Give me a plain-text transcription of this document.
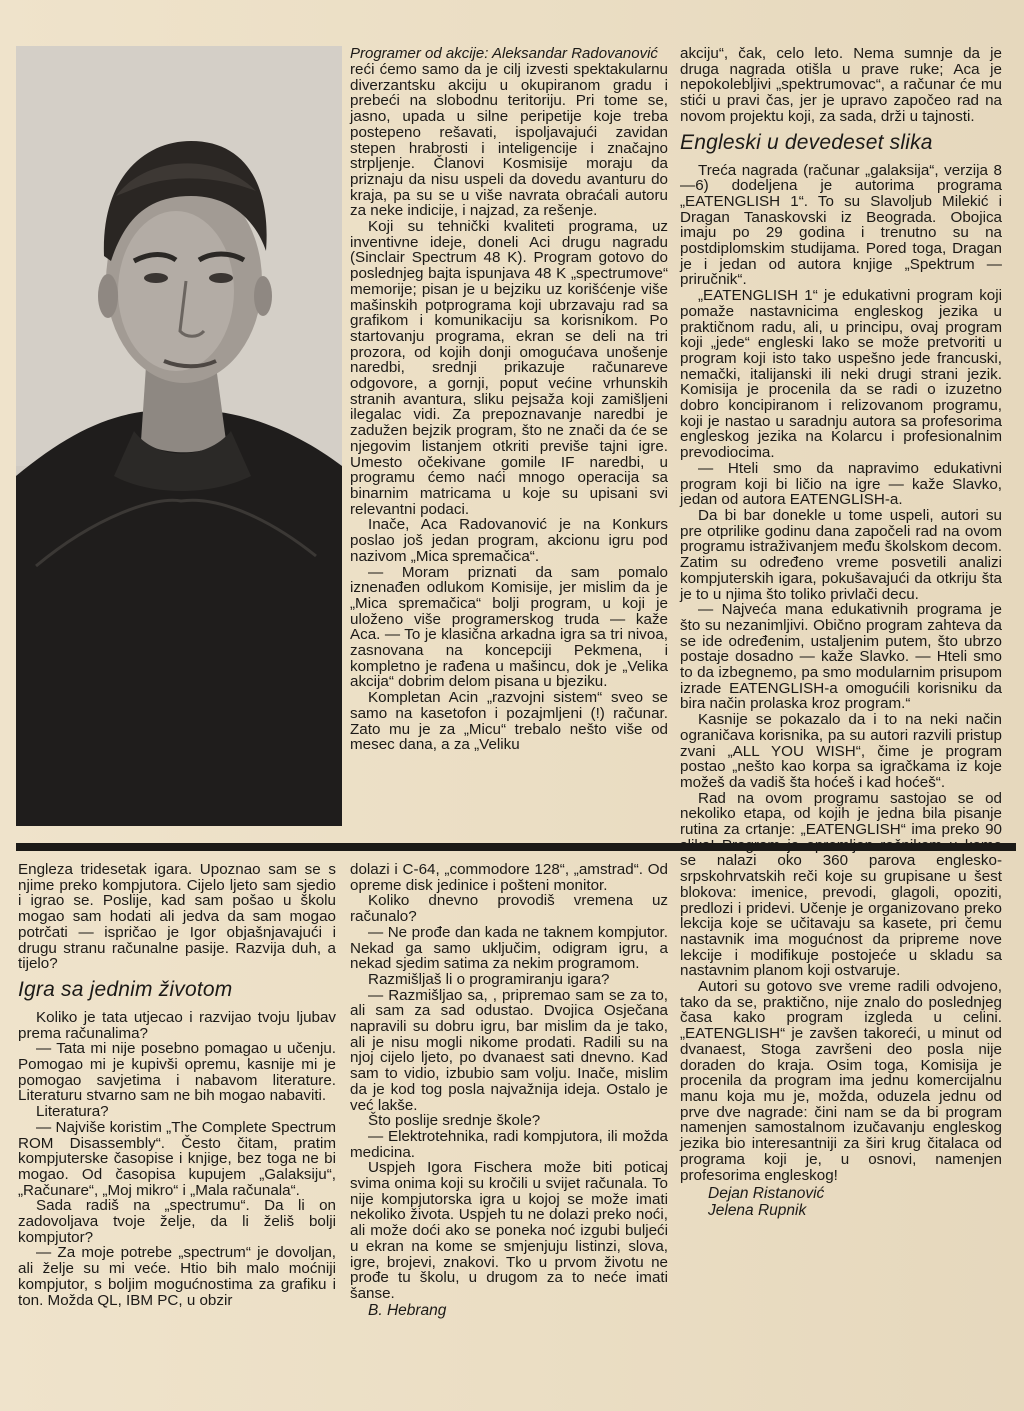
Programer od akcije: Aleksandar Radovanović

reći ćemo samo da je cilj izvesti spektakularnu diverzantsku akciju u okupiranom gradu i prebeći na slobodnu teritoriju. Pri tome se, jasno, upada u silne peripetije koje treba postepeno rešavati, ispoljavajući zavidan stepen hrabrosti i inteligencije i značajno strpljenje. Članovi Kosmisije moraju da priznaju da nisu uspeli da dovedu avanturu do kraja, pa su se u više navrata obraćali autoru za neke indicije, i najzad, za rešenje.

Koji su tehnički kvaliteti programa, uz inventivne ideje, doneli Aci drugu nagradu (Sinclair Spectrum 48 K). Program gotovo do poslednjeg bajta ispunjava 48 K „spectrumove“ memorije; pisan je u bejziku uz korišćenje više mašinskih potprograma koji ubrzavaju rad sa grafikom i komunikaciju sa korisnikom. Po startovanju programa, ekran se deli na tri prozora, od kojih donji omogućava unošenje naredbi, srednji prikazuje računareve odgovore, a gornji, poput većine vrhunskih stranih avantura, sliku pejsaža koji zamišljeni ilegalac vidi. Za prepoznavanje naredbi je zadužen bejzik program, što ne znači da će se njegovim listanjem otkriti previše tajni igre. Umesto očekivane gomile IF naredbi, u programu ćemo naći mnogo operacija sa binarnim matricama u koje su upisani svi relevantni podaci.

Inače, Aca Radovanović je na Konkurs poslao još jedan program, akcionu igru pod nazivom „Mica spremačica“.

— Moram priznati da sam pomalo iznenađen odlukom Komisije, jer mislim da je „Mica spremačica“ bolji program, u koji je uloženo više programerskog truda — kaže Aca. — To je klasična arkadna igra sa tri nivoa, zasnovana na koncepciji Pekmena, i kompletno je rađena u mašincu, dok je „Velika akcija“ dobrim delom pisana u bjeziku.

Kompletan Acin „razvojni sistem“ sveo se samo na kasetofon i pozajmljeni (!) računar. Zato mu je za „Micu“ trebalo nešto više od mesec dana, a za „Veliku

akciju“, čak, celo leto. Nema sumnje da je druga nagrada otišla u prave ruke; Aca je nepokolebljivi „spektrumovac“, a računar će mu stići u pravi čas, jer je upravo započeo rad na novom projektu koji, za sada, drži u tajnosti.

Engleski u devedeset slika

Treća nagrada (računar „galaksija“, verzija 8—6) dodeljena je autorima programa „EATENGLISH 1“. To su Slavoljub Milekić i Dragan Tanaskovski iz Beograda. Obojica imaju po 29 godina i trenutno su na postdiplomskim studijama. Pored toga, Dragan je i jedan od autora knjige „Spektrum — priručnik“.

„EATENGLISH 1“ je edukativni program koji pomaže nastavnicima engleskog jezika u praktičnom radu, ali, u principu, ovaj program koji „jede“ engleski lako se može pretvoriti u program koji isto tako uspešno jede francuski, nemački, italijanski ili neki drugi strani jezik. Komisija je procenila da se radi o izuzetno dobro koncipiranom i relizovanom programu, koji je nastao u saradnju autora sa profesorima engleskog jezika na Kolarcu i profesionalnim prevodiocima.

— Hteli smo da napravimo edukativni program koji bi ličio na igre — kaže Slavko, jedan od autora EATENGLISH-a.

Da bi bar donekle u tome uspeli, autori su pre otprilike godinu dana započeli rad na ovom programu istraživanjem među školskom decom. Zatim su određeno vreme posvetili analizi kompjuterskih igara, pokušavajući da otkriju šta je to u njima što toliko privlači decu.

— Najveća mana edukativnih programa je što su nezanimljivi. Obično program zahteva da se ide određenim, ustaljenim putem, što ubrzo postaje dosadno — kaže Slavko. — Hteli smo to da izbegnemo, pa smo modularnim prisupom izrade EATENGLISH-a omogućili korisniku da bira način prolaska kroz program.“

Kasnije se pokazalo da i to na neki način ograničava korisnika, pa su autori razvili pristup zvani „ALL YOU WISH“, čime je program postao „nešto kao korpa sa igračkama iz koje možeš da vadiš šta hoćeš i kad hoćeš“.

Rad na ovom programu sastojao se od nekoliko etapa, od kojih je jedna bila pisanje rutina za crtanje: „EATENGLISH“ ima preko 90 se nalazi oko 360 parova englesko-srpskohrvatskih reči koje su grupisane u šest blokova: imenice, prevodi, glagoli, opoziti, predlozi i pridevi. Učenje je organizovano preko lekcija koje se učitavaju sa kasete, pri čemu nastavnik ima mogućnost da pripreme nove lekcije i modifikuje postojeće u skladu sa nastavnim planom koji ostvaruje.

Autori su gotovo sve vreme radili odvojeno, tako da se, praktično, nije znalo do poslednjeg časa kako program izgleda u celini. „EATENGLISH“ je zavšen takoreći, u minut od dvanaest, Stoga završeni deo posla nije doraden do kraja. Osim toga, Komisija je procenila da program ima jednu komercijalnu manu koja mu je, možda, oduzela jednu od prve dve nagrade: čini nam se da bi program namenjen samostalnom izučavanju engleskog jezika bio interesantniji za širi krug čitalaca od programa koji je, u osnovi, namenjen profesorima engleskog!

Dejan Ristanović

Jelena Rupnik

Engleza tridesetak igara. Upoznao sam se s njime preko kompjutora. Cijelo ljeto sam sjedio i igrao se. Poslije, kad sam pošao u školu mogao sam hodati ali jedva da sam mogao potrčati — ispričao je Igor objašnjavajući i drugu stranu računalne pasije. Razvija duh, a tijelo?

Igra sa jednim životom

Koliko je tata utjecao i razvijao tvoju ljubav prema računalima?

— Tata mi nije posebno pomagao u učenju. Pomogao mi je kupivši opremu, kasnije mi je pomogao savjetima i nabavom literature. Literaturu stvarno sam ne bih mogao nabaviti.

Literatura?

— Najviše koristim „The Complete Spectrum ROM Disassembly“. Često čitam, pratim kompjuterske časopise i knjige, bez toga ne bi mogao. Od časopisa kupujem „Galaksiju“, „Računare“, „Moj mikro“ i „Mala računala“.

Sada radiš na „spectrumu“. Da li on zadovoljava tvoje želje, da li želiš bolji kompjutor?

— Za moje potrebe „spectrum“ je dovoljan, ali želje su mi veće. Htio bih malo moćniji kompjutor, s boljim mogućnostima za grafiku i ton. Možda QL, IBM PC, u obzir

dolazi i C-64, „commodore 128“, „amstrad“. Od opreme disk jedinice i pošteni monitor.

Koliko dnevno provodiš vremena uz računalo?

— Ne prođe dan kada ne taknem kompjutor. Nekad ga samo uključim, odigram igru, a nekad sjedim satima za nekim programom.

Razmišljaš li o programiranju igara?

— Razmišljao sa, , pripremao sam se za to, ali sam za sad odustao. Dvojica Osječana napravili su dobru igru, bar mislim da je tako, ali je nisu mogli nikome prodati. Radili su na njoj cijelo ljeto, po dvanaest sati dnevno. Kad sam to vidio, izbubio sam volju. Inače, mislim da je kod tog posla najvažnija ideja. Ostalo je već lakše.

Što poslije srednje škole?

— Elektrotehnika, radi kompjutora, ili možda medicina.

Uspjeh Igora Fischera može biti poticaj svima onima koji su kročili u svijet računala. To nije kompjutorska igra u kojoj se može imati nekoliko života. Uspjeh tu ne dolazi preko noći, ali može doći ako se poneka noć izgubi buljeći u ekran na kome se smjenjuju listinzi, slova, igre, brojevi, znakovi. Tko u prvom životu ne prođe tu školu, u drugom za to neće imati šanse.

B. Hebrang
